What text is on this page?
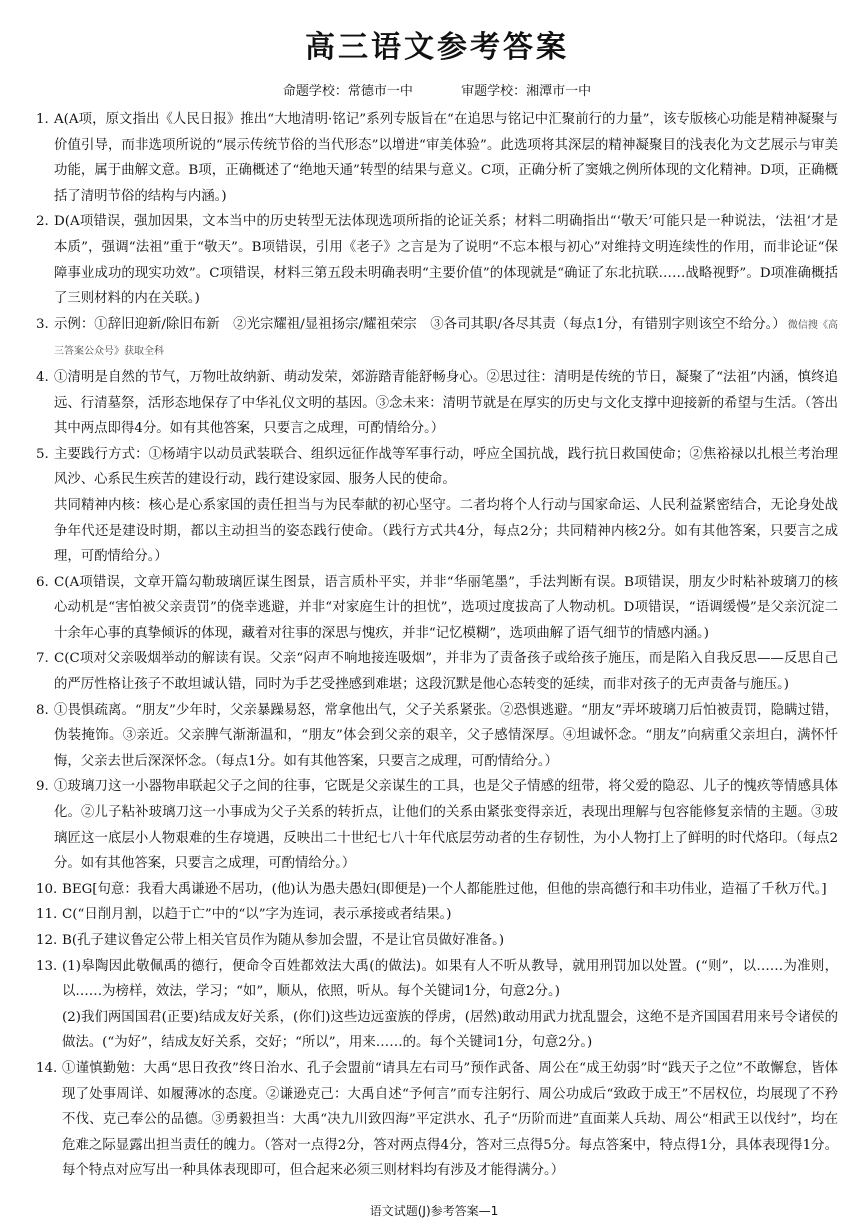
高三语文参考答案
命题学校：常德市一中	审题学校：湘潭市一中
1. A(A项，原文指出《人民日报》推出“大地清明·铭记”系列专版旨在“在追思与铭记中汇聚前行的力量”，该专版核心功能是精神凝聚与价值引导，而非选项所说的“展示传统节俗的当代形态”以增进“审美体验”。此选项将其深层的精神凝聚目的浅表化为文艺展示与审美功能，属于曲解文意。B项，正确概述了“绝地天通”转型的结果与意义。C项，正确分析了窦娥之例所体现的文化精神。D项，正确概括了清明节俗的结构与内涵。)

2. D(A项错误，强加因果，文本当中的历史转型无法体现选项所指的论证关系；材料二明确指出“‘敬天’可能只是一种说法，‘法祖’才是本质”，强调“法祖”重于“敬天”。B项错误，引用《老子》之言是为了说明“不忘本根与初心”对维持文明连续性的作用，而非论证“保障事业成功的现实功效”。C项错误，材料三第五段未明确表明“主要价值”的体现就是“确证了东北抗联……战略视野”。D项准确概括了三则材料的内在关联。)

3. 示例：①辞旧迎新/除旧布新　②光宗耀祖/显祖扬宗/耀祖荣宗　③各司其职/各尽其责（每点1分，有错别字则该空不给分。） 微信搜《高三答案公众号》获取全科

4. ①清明是自然的节气，万物吐故纳新、萌动发荣，郊游踏青能舒畅身心。②思过往：清明是传统的节日，凝聚了“法祖”内涵，慎终追远、行清墓祭，活形态地保存了中华礼仪文明的基因。③念未来：清明节就是在厚实的历史与文化支撑中迎接新的希望与生活。（答出其中两点即得4分。如有其他答案，只要言之成理，可酌情给分。）

5. 主要践行方式：①杨靖宇以动员武装联合、组织远征作战等军事行动，呼应全国抗战，践行抗日救国使命；②焦裕禄以扎根兰考治理风沙、心系民生疾苦的建设行动，践行建设家园、服务人民的使命。

共同精神内核：核心是心系家国的责任担当与为民奉献的初心坚守。二者均将个人行动与国家命运、人民利益紧密结合，无论身处战争年代还是建设时期，都以主动担当的姿态践行使命。（践行方式共4分，每点2分；共同精神内核2分。如有其他答案，只要言之成理，可酌情给分。）

6. C(A项错误，文章开篇勾勒玻璃匠谋生图景，语言质朴平实，并非“华丽笔墨”，手法判断有误。B项错误，朋友少时粘补玻璃刀的核心动机是“害怕被父亲责罚”的侥幸逃避，并非“对家庭生计的担忧”，选项过度拔高了人物动机。D项错误，“语调缓慢”是父亲沉淀二十余年心事的真挚倾诉的体现，藏着对往事的深思与愧疚，并非“记忆模糊”，选项曲解了语气细节的情感内涵。)

7. C(C项对父亲吸烟举动的解读有误。父亲“闷声不响地接连吸烟”，并非为了责备孩子或给孩子施压，而是陷入自我反思——反思自己的严厉性格让孩子不敢坦诚认错，同时为手艺受挫感到难堪；这段沉默是他心态转变的延续，而非对孩子的无声责备与施压。)

8. ①畏惧疏离。“朋友”少年时，父亲暴躁易怒，常拿他出气，父子关系紧张。②恐惧逃避。“朋友”弄坏玻璃刀后怕被责罚，隐瞒过错，伪装掩饰。③亲近。父亲脾气渐渐温和，“朋友”体会到父亲的艰辛，父子感情深厚。④坦诚怀念。“朋友”向病重父亲坦白，满怀忏悔，父亲去世后深深怀念。（每点1分。如有其他答案，只要言之成理，可酌情给分。）

9. ①玻璃刀这一小器物串联起父子之间的往事，它既是父亲谋生的工具，也是父子情感的纽带，将父爱的隐忍、儿子的愧疚等情感具体化。②儿子粘补玻璃刀这一小事成为父子关系的转折点，让他们的关系由紧张变得亲近，表现出理解与包容能修复亲情的主题。③玻璃匠这一底层小人物艰难的生存境遇，反映出二十世纪七八十年代底层劳动者的生存韧性，为小人物打上了鲜明的时代烙印。（每点2分。如有其他答案，只要言之成理，可酌情给分。）

10. BEG[句意：我看大禹谦逊不居功，(他)认为愚夫愚妇(即便是)一个人都能胜过他，但他的崇高德行和丰功伟业，造福了千秋万代。]

11. C(“日削月割，以趋于亡”中的“以”字为连词，表示承接或者结果。)

12. B(孔子建议鲁定公带上相关官员作为随从参加会盟，不是让官员做好准备。)

13. (1)皋陶因此敬佩禹的德行，便命令百姓都效法大禹(的做法)。如果有人不听从教导，就用刑罚加以处置。(“则”，以……为准则，以……为榜样，效法，学习；“如”，顺从，依照，听从。每个关键词1分，句意2分。)

(2)我们两国国君(正要)结成友好关系，(你们)这些边远蛮族的俘虏，(居然)敢动用武力扰乱盟会，这绝不是齐国国君用来号令诸侯的做法。(“为好”，结成友好关系，交好；“所以”，用来……的。每个关键词1分，句意2分。)

14. ①谨慎勤勉：大禹“思日孜孜”终日治水、孔子会盟前“请具左右司马”预作武备、周公在“成王幼弱”时“践天子之位”不敢懈怠，皆体现了处事周详、如履薄冰的态度。②谦逊克己：大禹自述“予何言”而专注躬行、周公功成后“致政于成王”不居权位，均展现了不矜不伐、克己奉公的品德。③勇毅担当：大禹“决九川致四海”平定洪水、孔子“历阶而进”直面莱人兵劫、周公“相武王以伐纣”，均在危难之际显露出担当责任的魄力。（答对一点得2分，答对两点得4分，答对三点得5分。每点答案中，特点得1分，具体表现得1分。每个特点对应写出一种具体表现即可，但合起来必须三则材料均有涉及才能得满分。）

语文试题(J)参考答案—1
